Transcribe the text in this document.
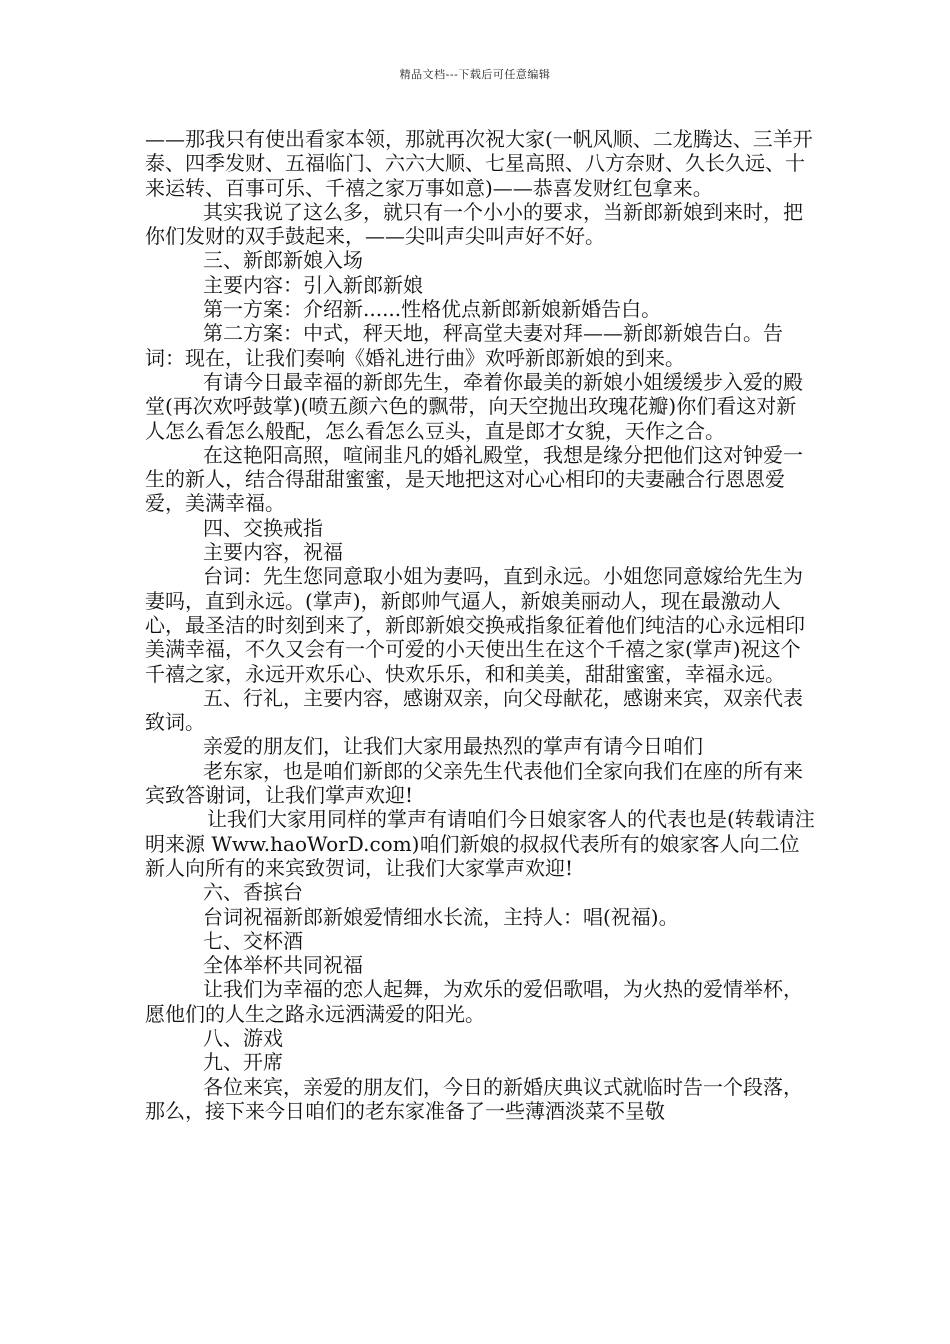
精品文档---下载后可任意编辑

——那我只有使出看家本领，那就再次祝大家(一帆风顺、二龙腾达、三羊开泰、四季发财、五福临门、六六大顺、七星高照、八方奈财、久长久远、十来运转、百事可乐、千禧之家万事如意)——恭喜发财红包拿来。

其实我说了这么多，就只有一个小小的要求，当新郎新娘到来时，把你们发财的双手鼓起来，——尖叫声尖叫声好不好。

三、新郎新娘入场

主要内容：引入新郎新娘

第一方案：介绍新......性格优点新郎新娘新婚告白。

第二方案：中式，秤天地，秤高堂夫妻对拜——新郎新娘告白。告词：现在，让我们奏响《婚礼进行曲》欢呼新郎新娘的到来。

有请今日最幸福的新郎先生，牵着你最美的新娘小姐缓缓步入爱的殿堂(再次欢呼鼓掌)(喷五颜六色的飘带，向天空抛出玫瑰花瓣)你们看这对新人怎么看怎么般配，怎么看怎么豆头，直是郎才女貌，天作之合。

在这艳阳高照，喧闹韭凡的婚礼殿堂，我想是缘分把他们这对钟爱一生的新人，结合得甜甜蜜蜜，是天地把这对心心相印的夫妻融合行恩恩爱爱，美满幸福。

四、交换戒指

主要内容，祝福

台词：先生您同意取小姐为妻吗，直到永远。小姐您同意嫁给先生为妻吗，直到永远。(掌声)，新郎帅气逼人，新娘美丽动人，现在最激动人心，最圣洁的时刻到来了，新郎新娘交换戒指象征着他们纯洁的心永远相印美满幸福，不久又会有一个可爱的小天使出生在这个千禧之家(掌声)祝这个千禧之家，永远开欢乐心、快欢乐乐，和和美美，甜甜蜜蜜，幸福永远。

五、行礼，主要内容，感谢双亲，向父母献花，感谢来宾，双亲代表致词。

亲爱的朋友们，让我们大家用最热烈的掌声有请今日咱们

老东家，也是咱们新郎的父亲先生代表他们全家向我们在座的所有来宾致答谢词，让我们掌声欢迎!

让我们大家用同样的掌声有请咱们今日娘家客人的代表也是(转载请注明来源 Www.haoWorD.com)咱们新娘的叔叔代表所有的娘家客人向二位新人向所有的来宾致贺词，让我们大家掌声欢迎!

六、香摈台

台词祝福新郎新娘爱情细水长流，主持人：唱(祝福)。

七、交杯酒

全体举杯共同祝福

让我们为幸福的恋人起舞，为欢乐的爱侣歌唱，为火热的爱情举杯，愿他们的人生之路永远洒满爱的阳光。

八、游戏

九、开席

各位来宾，亲爱的朋友们，今日的新婚庆典议式就临时告一个段落，那么，接下来今日咱们的老东家准备了一些薄酒淡菜不呈敬
